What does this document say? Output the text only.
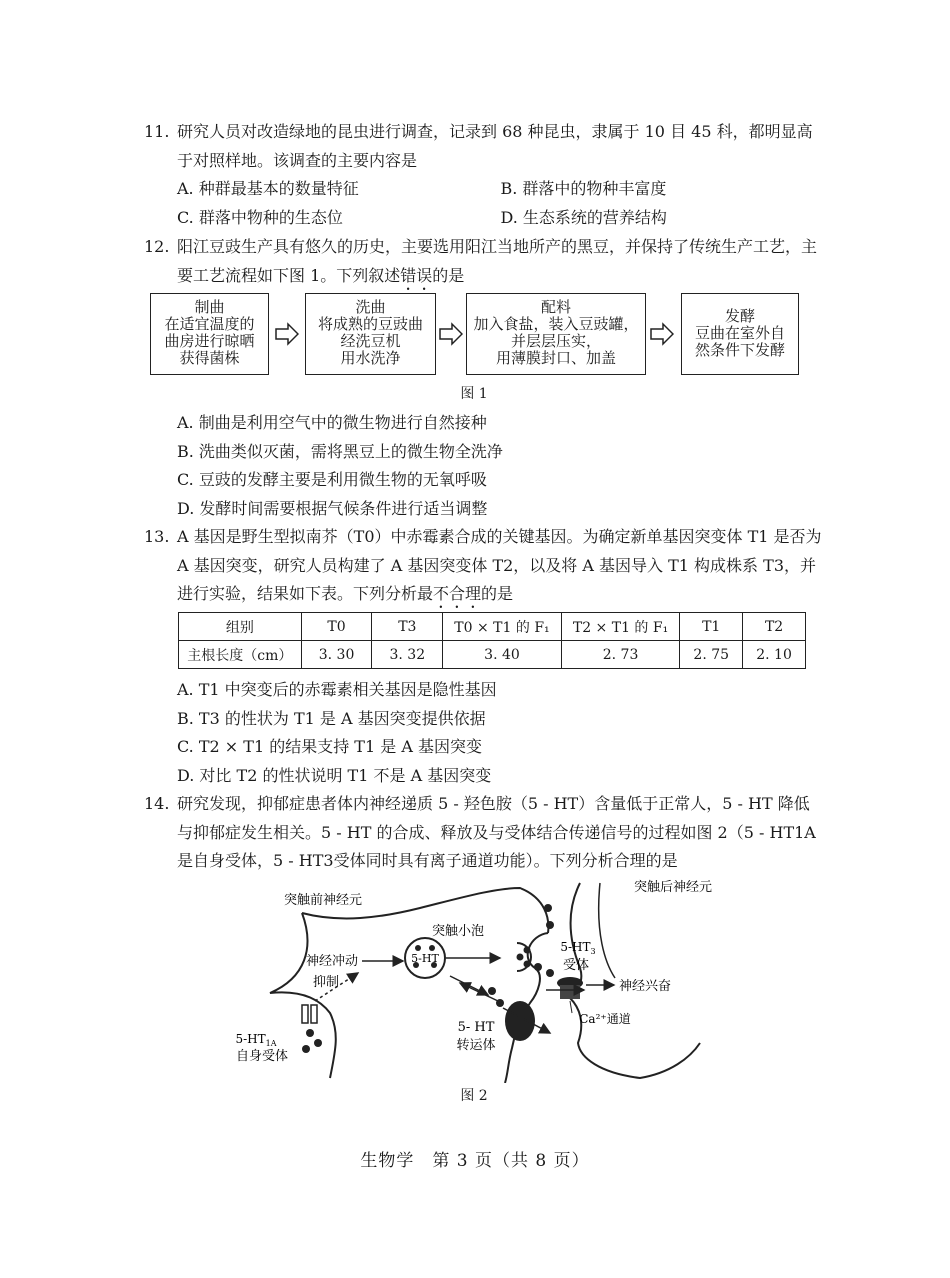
11. 研究人员对改造绿地的昆虫进行调查，记录到 68 种昆虫，隶属于 10 目 45 科，都明显高于对照样地。该调查的主要内容是
A. 种群最基本的数量特征	B. 群落中的物种丰富度
C. 群落中物种的生态位	D. 生态系统的营养结构
12. 阳江豆豉生产具有悠久的历史，主要选用阳江当地所产的黑豆，并保持了传统生产工艺，主要工艺流程如下图 1。下列叙述错误的是
制曲
在适宜温度的
曲房进行晾晒
获得菌株
洗曲
将成熟的豆豉曲
经洗豆机
用水洗净
配料
加入食盐，装入豆豉罐，
并层层压实，
用薄膜封口、加盖
发酵
豆曲在室外自
然条件下发酵
图 1
A. 制曲是利用空气中的微生物进行自然接种
B. 洗曲类似灭菌，需将黑豆上的微生物全洗净
C. 豆豉的发酵主要是利用微生物的无氧呼吸
D. 发酵时间需要根据气候条件进行适当调整
13. A 基因是野生型拟南芥（T0）中赤霉素合成的关键基因。为确定新单基因突变体 T1 是否为 A 基因突变，研究人员构建了 A 基因突变体 T2，以及将 A 基因导入 T1 构成株系 T3，并进行实验，结果如下表。下列分析最不合理的是
组别	T0	T3	T0 × T1 的 F₁	T2 × T1 的 F₁	T1	T2
主根长度（cm）	3. 30	3. 32	3. 40	2. 73	2. 75	2. 10
A. T1 中突变后的赤霉素相关基因是隐性基因
B. T3 的性状为 T1 是 A 基因突变提供依据
C. T2 × T1 的结果支持 T1 是 A 基因突变
D. 对比 T2 的性状说明 T1 不是 A 基因突变
14. 研究发现，抑郁症患者体内神经递质 5 - 羟色胺（5 - HT）含量低于正常人，5 - HT 降低与抑郁症发生相关。5 - HT 的合成、释放及与受体结合传递信号的过程如图 2（5 - HT1A是自身受体，5 - HT3受体同时具有离子通道功能）。下列分析合理的是
5-HT
突触小泡
5- HT
转运体
$5-HT_{1A}$
自身受体
神经冲动
抑制
$5-HT_3$
受体
神经兴奋
Ca²⁺通道
突触前神经元
突触后神经元
图 2
生物学　第 3 页（共 8 页）
